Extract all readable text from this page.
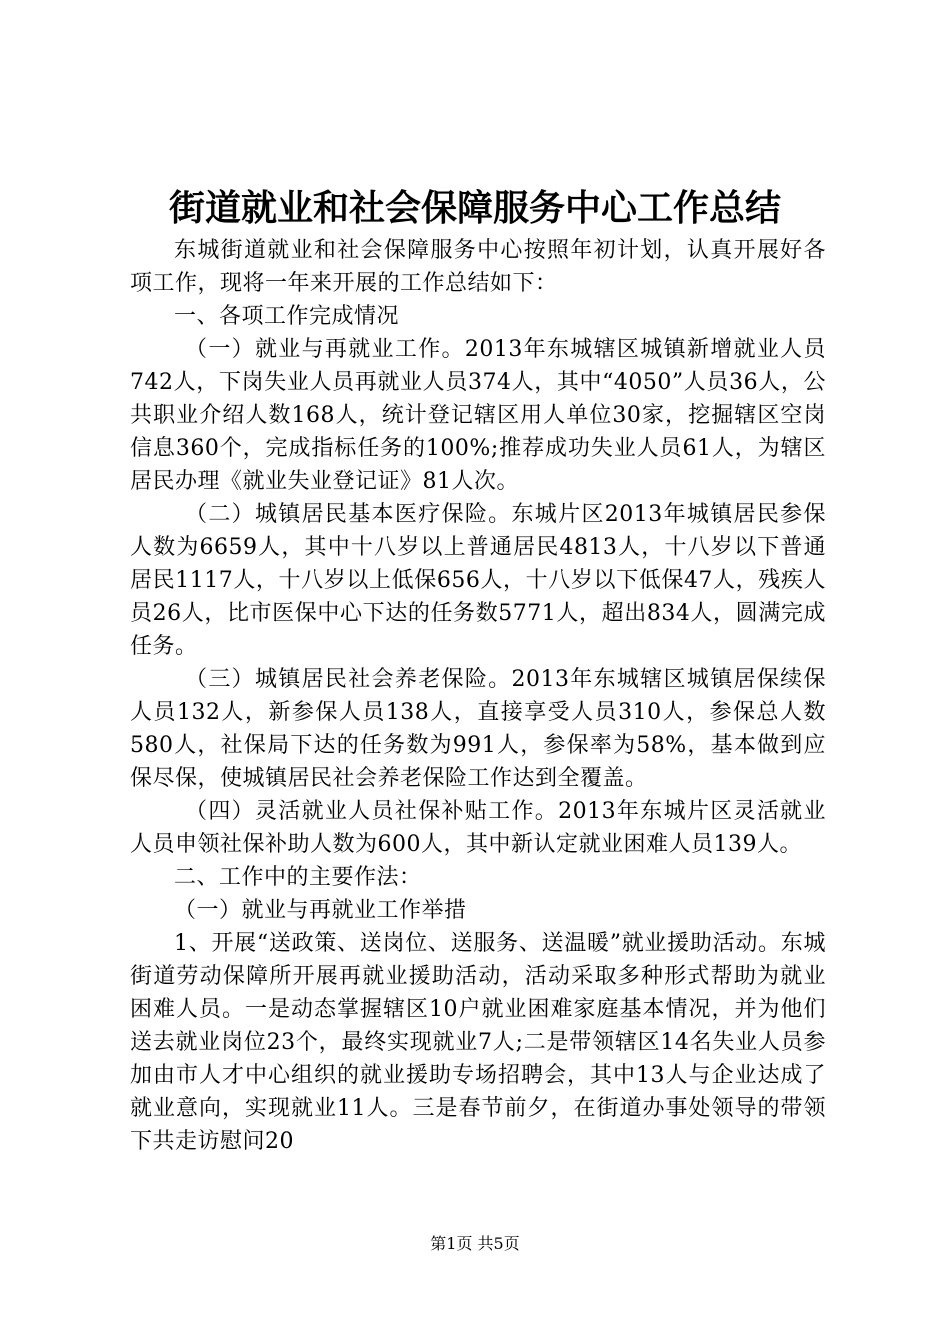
街道就业和社会保障服务中心工作总结

东城街道就业和社会保障服务中心按照年初计划，认真开展好各项工作，现将一年来开展的工作总结如下：

一、各项工作完成情况

（一）就业与再就业工作。2013年东城辖区城镇新增就业人员742人，下岗失业人员再就业人员374人，其中“4050”人员36人，公共职业介绍人数168人，统计登记辖区用人单位30家，挖掘辖区空岗信息360个，完成指标任务的100%;推荐成功失业人员61人，为辖区居民办理《就业失业登记证》81人次。

（二）城镇居民基本医疗保险。东城片区2013年城镇居民参保人数为6659人，其中十八岁以上普通居民4813人，十八岁以下普通居民1117人，十八岁以上低保656人，十八岁以下低保47人，残疾人员26人，比市医保中心下达的任务数5771人，超出834人，圆满完成任务。

（三）城镇居民社会养老保险。2013年东城辖区城镇居保续保人员132人，新参保人员138人，直接享受人员310人，参保总人数580人，社保局下达的任务数为991人，参保率为58%，基本做到应保尽保，使城镇居民社会养老保险工作达到全覆盖。

（四）灵活就业人员社保补贴工作。2013年东城片区灵活就业人员申领社保补助人数为600人，其中新认定就业困难人员139人。

二、工作中的主要作法：

（一）就业与再就业工作举措

1、开展“送政策、送岗位、送服务、送温暖”就业援助活动。东城街道劳动保障所开展再就业援助活动，活动采取多种形式帮助为就业困难人员。一是动态掌握辖区10户就业困难家庭基本情况，并为他们送去就业岗位23个，最终实现就业7人;二是带领辖区14名失业人员参加由市人才中心组织的就业援助专场招聘会，其中13人与企业达成了就业意向，实现就业11人。三是春节前夕，在街道办事处领导的带领下共走访慰问20

第1页 共5页
